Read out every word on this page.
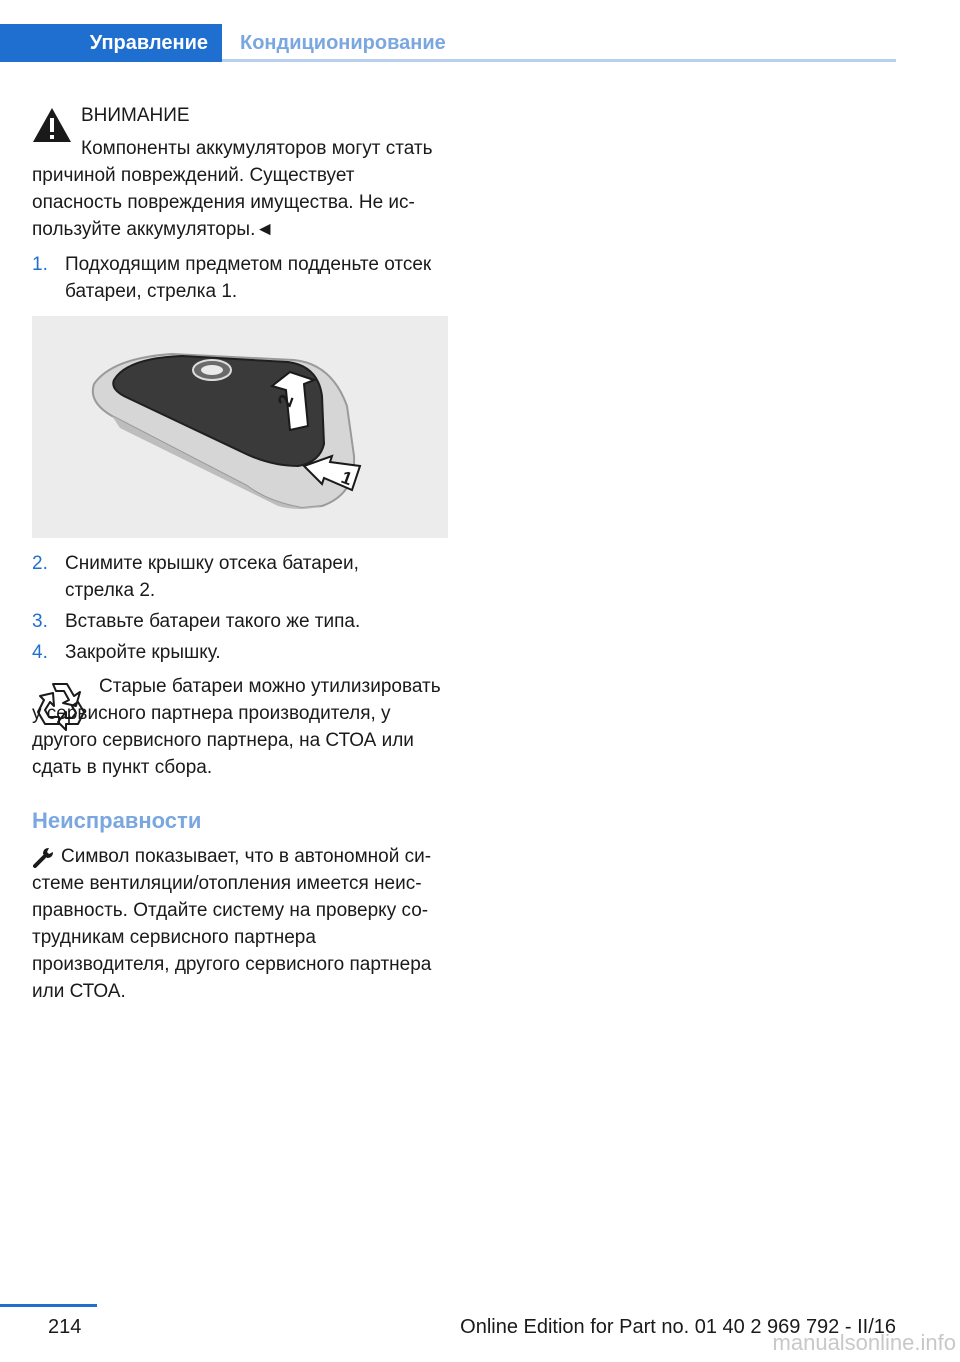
Управление	Кондиционирование
ВНИМАНИЕ
Компоненты аккумуляторов могут стать причиной повреждений. Существует опасность повреждения имущества. Не используйте аккумуляторы.◄
1. Подходящим предметом подденьте отсек батареи, стрелка 1.
2
1
2. Снимите крышку отсека батареи, стрелка 2.
3. Вставьте батареи такого же типа.
4. Закройте крышку.
Старые батареи можно утилизировать у сервисного партнера производителя, у другого сервисного партнера, на СТОА или сдать в пункт сбора.
Неисправности
Символ показывает, что в автономной системе вентиляции/отопления имеется неисправность. Отдайте систему на проверку сотрудникам сервисного партнера производителя, другого сервисного партнера или СТОА.
214	Online Edition for Part no. 01 40 2 969 792 - II/16
manualsonline.info
